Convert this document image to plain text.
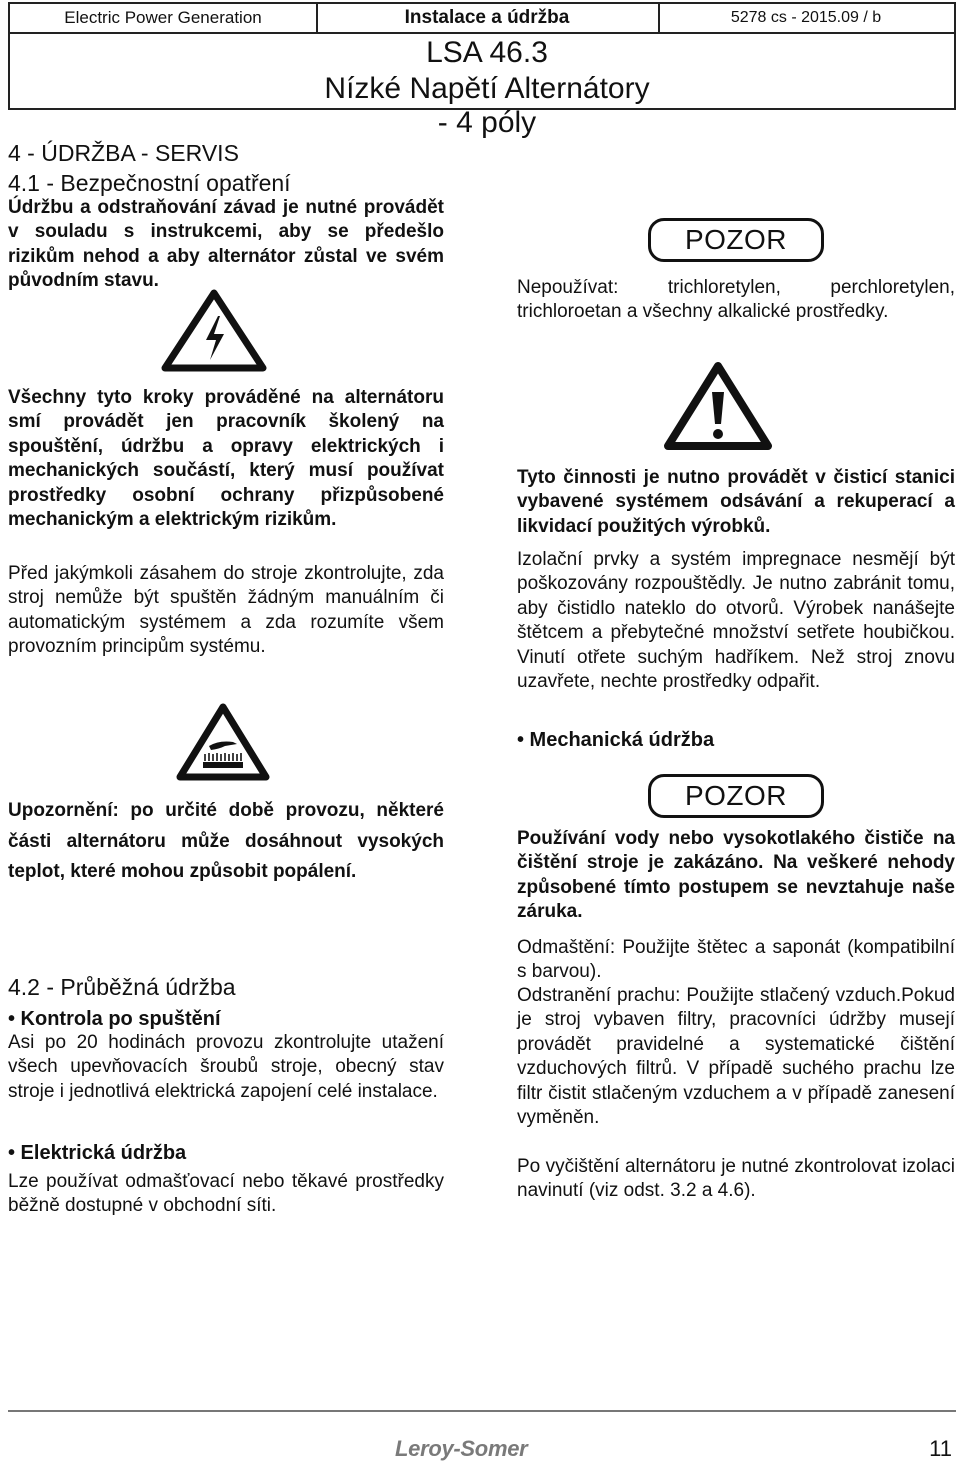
Electric Power Generation	Instalace a údržba	5278 cs - 2015.09 / b
LSA 46.3
Nízké Napětí Alternátory - 4 póly
4 - ÚDRŽBA - SERVIS
4.1 - Bezpečnostní opatření
Údržbu a odstraňování závad je nutné provádět v souladu s instrukcemi, aby se předešlo rizikům nehod a aby alternátor zůstal ve svém původním stavu.
Všechny tyto kroky prováděné na alternátoru smí provádět jen pracovník školený na spouštění, údržbu a opravy elektrických i mechanických součástí, který musí používat prostředky osobní ochrany přizpůsobené mechanickým a elektrickým rizikům.
Před jakýmkoli zásahem do stroje zkontrolujte, zda stroj nemůže být spuštěn žádným manuálním či automatickým systémem a zda rozumíte všem provozním principům systému.
Upozornění: po určité době provozu, některé části alternátoru může dosáhnout vysokých teplot, které mohou způsobit popálení.
4.2 - Průběžná údržba
• Kontrola po spuštění
Asi po 20 hodinách provozu zkontrolujte utažení všech upevňovacích šroubů stroje, obecný stav stroje i jednotlivá elektrická zapojení celé instalace.
• Elektrická údržba
Lze používat odmašťovací nebo těkavé prostředky běžně dostupné v obchodní síti.
POZOR
Nepoužívat: trichloretylen, perchloretylen, trichloroetan a všechny alkalické prostředky.
Tyto činnosti je nutno provádět v čisticí stanici vybavené systémem odsávání a rekuperací a likvidací použitých výrobků.
Izolační prvky a systém impregnace nesmějí být poškozovány rozpouštědly. Je nutno zabránit tomu, aby čistidlo nateklo do otvorů. Výrobek nanášejte štětcem a přebytečné množství setřete houbičkou. Vinutí otřete suchým hadříkem. Než stroj znovu uzavřete, nechte prostředky odpařit.
• Mechanická údržba
POZOR
Používání vody nebo vysokotlakého čističe na čištění stroje je zakázáno. Na veškeré nehody způsobené tímto postupem se nevztahuje naše záruka.
Odmaštění: Použijte štětec a saponát (kompatibilní s barvou).
Odstranění prachu: Použijte stlačený vzduch.Pokud je stroj vybaven filtry, pracovníci údržby musejí provádět pravidelné a systematické čištění vzduchových filtrů. V případě suchého prachu lze filtr čistit stlačeným vzduchem a v případě zanesení vyměněn.
Po vyčištění alternátoru je nutné zkontrolovat izolaci navinutí (viz odst. 3.2 a 4.6).
Leroy-Somer	11
